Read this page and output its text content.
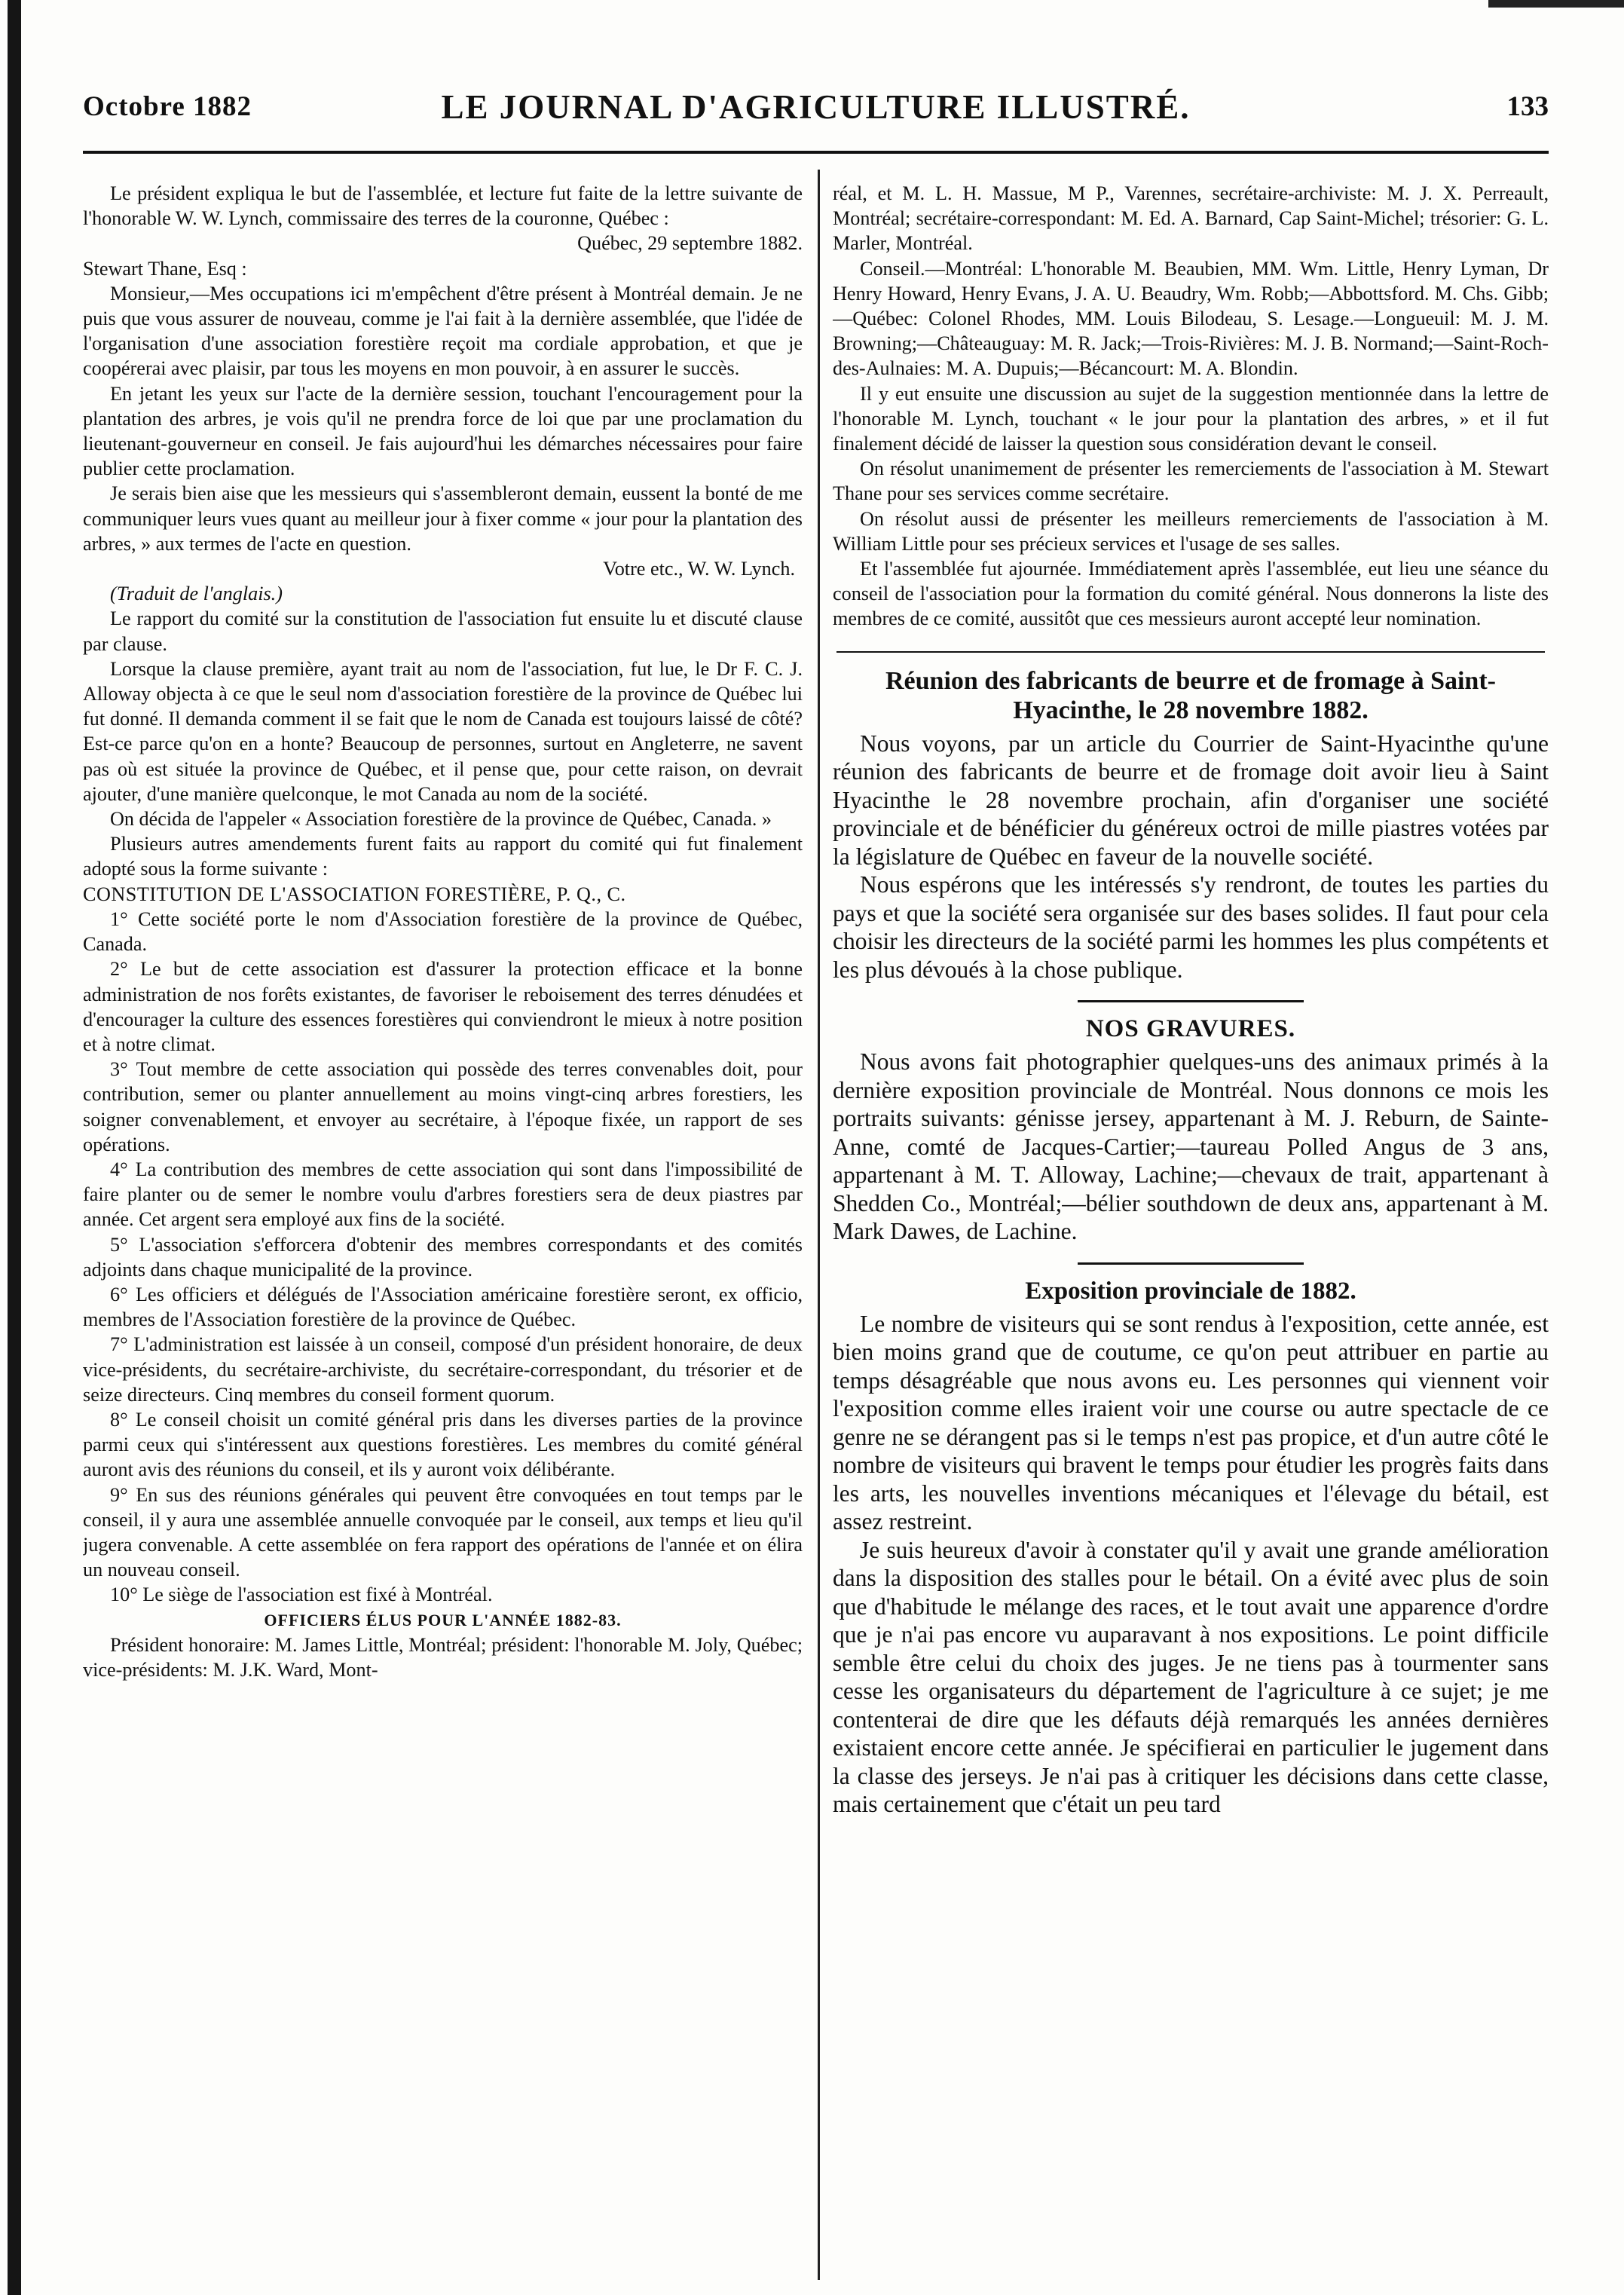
Octobre 1882	LE JOURNAL D'AGRICULTURE ILLUSTRÉ.	133

Le président expliqua le but de l'assemblée, et lecture fut faite de la lettre suivante de l'honorable W. W. Lynch, commissaire des terres de la couronne, Québec :

Québec, 29 septembre 1882.

Stewart Thane, Esq :

Monsieur,—Mes occupations ici m'empêchent d'être présent à Montréal demain. Je ne puis que vous assurer de nouveau, comme je l'ai fait à la dernière assemblée, que l'idée de l'organisation d'une association forestière reçoit ma cordiale approbation, et que je coopérerai avec plaisir, par tous les moyens en mon pouvoir, à en assurer le succès.

En jetant les yeux sur l'acte de la dernière session, touchant l'encouragement pour la plantation des arbres, je vois qu'il ne prendra force de loi que par une proclamation du lieutenant-gouverneur en conseil. Je fais aujourd'hui les démarches nécessaires pour faire publier cette proclamation.

Je serais bien aise que les messieurs qui s'assembleront demain, eussent la bonté de me communiquer leurs vues quant au meilleur jour à fixer comme « jour pour la plantation des arbres, » aux termes de l'acte en question.

Votre etc., W. W. Lynch.

(Traduit de l'anglais.)

Le rapport du comité sur la constitution de l'association fut ensuite lu et discuté clause par clause.

Lorsque la clause première, ayant trait au nom de l'association, fut lue, le Dr F. C. J. Alloway objecta à ce que le seul nom d'association forestière de la province de Québec lui fut donné. Il demanda comment il se fait que le nom de Canada est toujours laissé de côté? Est-ce parce qu'on en a honte? Beaucoup de personnes, surtout en Angleterre, ne savent pas où est située la province de Québec, et il pense que, pour cette raison, on devrait ajouter, d'une manière quelconque, le mot Canada au nom de la société.

On décida de l'appeler « Association forestière de la province de Québec, Canada. »

Plusieurs autres amendements furent faits au rapport du comité qui fut finalement adopté sous la forme suivante :

CONSTITUTION DE L'ASSOCIATION FORESTIÈRE, P. Q., C.

1° Cette société porte le nom d'Association forestière de la province de Québec, Canada.

2° Le but de cette association est d'assurer la protection efficace et la bonne administration de nos forêts existantes, de favoriser le reboisement des terres dénudées et d'encourager la culture des essences forestières qui conviendront le mieux à notre position et à notre climat.

3° Tout membre de cette association qui possède des terres convenables doit, pour contribution, semer ou planter annuellement au moins vingt-cinq arbres forestiers, les soigner convenablement, et envoyer au secrétaire, à l'époque fixée, un rapport de ses opérations.

4° La contribution des membres de cette association qui sont dans l'impossibilité de faire planter ou de semer le nombre voulu d'arbres forestiers sera de deux piastres par année. Cet argent sera employé aux fins de la société.

5° L'association s'efforcera d'obtenir des membres correspondants et des comités adjoints dans chaque municipalité de la province.

6° Les officiers et délégués de l'Association américaine forestière seront, ex officio, membres de l'Association forestière de la province de Québec.

7° L'administration est laissée à un conseil, composé d'un président honoraire, de deux vice-présidents, du secrétaire-archiviste, du secrétaire-correspondant, du trésorier et de seize directeurs. Cinq membres du conseil forment quorum.

8° Le conseil choisit un comité général pris dans les diverses parties de la province parmi ceux qui s'intéressent aux questions forestières. Les membres du comité général auront avis des réunions du conseil, et ils y auront voix délibérante.

9° En sus des réunions générales qui peuvent être convoquées en tout temps par le conseil, il y aura une assemblée annuelle convoquée par le conseil, aux temps et lieu qu'il jugera convenable. A cette assemblée on fera rapport des opérations de l'année et on élira un nouveau conseil.

10° Le siège de l'association est fixé à Montréal.

OFFICIERS ÉLUS POUR L'ANNÉE 1882-83.

Président honoraire: M. James Little, Montréal; président: l'honorable M. Joly, Québec; vice-présidents: M. J.K. Ward, Mont-

réal, et M. L. H. Massue, M P., Varennes, secrétaire-archiviste: M. J. X. Perreault, Montréal; secrétaire-correspondant: M. Ed. A. Barnard, Cap Saint-Michel; trésorier: G. L. Marler, Montréal.

Conseil.—Montréal: L'honorable M. Beaubien, MM. Wm. Little, Henry Lyman, Dr Henry Howard, Henry Evans, J. A. U. Beaudry, Wm. Robb;—Abbottsford. M. Chs. Gibb;—Québec: Colonel Rhodes, MM. Louis Bilodeau, S. Lesage.—Longueuil: M. J. M. Browning;—Châteauguay: M. R. Jack;—Trois-Rivières: M. J. B. Normand;—Saint-Roch-des-Aulnaies: M. A. Dupuis;—Bécancourt: M. A. Blondin.

Il y eut ensuite une discussion au sujet de la suggestion mentionnée dans la lettre de l'honorable M. Lynch, touchant « le jour pour la plantation des arbres, » et il fut finalement décidé de laisser la question sous considération devant le conseil.

On résolut unanimement de présenter les remerciements de l'association à M. Stewart Thane pour ses services comme secrétaire.

On résolut aussi de présenter les meilleurs remerciements de l'association à M. William Little pour ses précieux services et l'usage de ses salles.

Et l'assemblée fut ajournée. Immédiatement après l'assemblée, eut lieu une séance du conseil de l'association pour la formation du comité général. Nous donnerons la liste des membres de ce comité, aussitôt que ces messieurs auront accepté leur nomination.

Réunion des fabricants de beurre et de fromage à Saint-Hyacinthe, le 28 novembre 1882.

Nous voyons, par un article du Courrier de Saint-Hyacinthe qu'une réunion des fabricants de beurre et de fromage doit avoir lieu à Saint Hyacinthe le 28 novembre prochain, afin d'organiser une société provinciale et de bénéficier du généreux octroi de mille piastres votées par la législature de Québec en faveur de la nouvelle société.

Nous espérons que les intéressés s'y rendront, de toutes les parties du pays et que la société sera organisée sur des bases solides. Il faut pour cela choisir les directeurs de la société parmi les hommes les plus compétents et les plus dévoués à la chose publique.

NOS GRAVURES.

Nous avons fait photographier quelques-uns des animaux primés à la dernière exposition provinciale de Montréal. Nous donnons ce mois les portraits suivants: génisse jersey, appartenant à M. J. Reburn, de Sainte-Anne, comté de Jacques-Cartier;—taureau Polled Angus de 3 ans, appartenant à M. T. Alloway, Lachine;—chevaux de trait, appartenant à Shedden Co., Montréal;—bélier southdown de deux ans, appartenant à M. Mark Dawes, de Lachine.

Exposition provinciale de 1882.

Le nombre de visiteurs qui se sont rendus à l'exposition, cette année, est bien moins grand que de coutume, ce qu'on peut attribuer en partie au temps désagréable que nous avons eu. Les personnes qui viennent voir l'exposition comme elles iraient voir une course ou autre spectacle de ce genre ne se dérangent pas si le temps n'est pas propice, et d'un autre côté le nombre de visiteurs qui bravent le temps pour étudier les progrès faits dans les arts, les nouvelles inventions mécaniques et l'élevage du bétail, est assez restreint.

Je suis heureux d'avoir à constater qu'il y avait une grande amélioration dans la disposition des stalles pour le bétail. On a évité avec plus de soin que d'habitude le mélange des races, et le tout avait une apparence d'ordre que je n'ai pas encore vu auparavant à nos expositions. Le point difficile semble être celui du choix des juges. Je ne tiens pas à tourmenter sans cesse les organisateurs du département de l'agriculture à ce sujet; je me contenterai de dire que les défauts déjà remarqués les années dernières existaient encore cette année. Je spécifierai en particulier le jugement dans la classe des jerseys. Je n'ai pas à critiquer les décisions dans cette classe, mais certainement que c'était un peu tard
